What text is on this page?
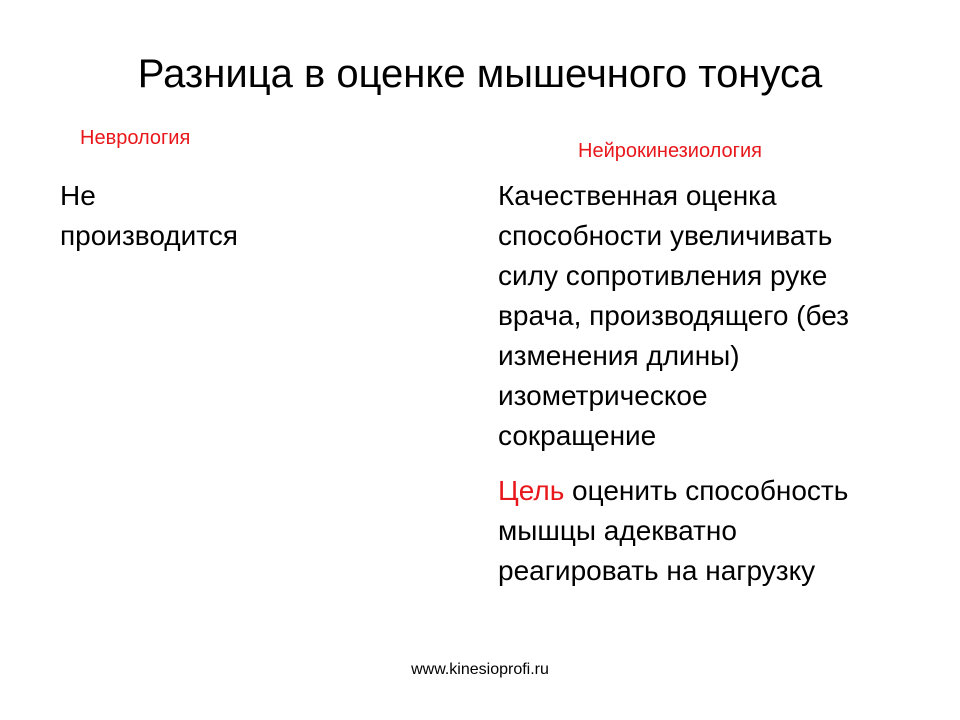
Разница в оценке мышечного тонуса
Неврология
Нейрокинезиология
Не
производится
Качественная оценка
способности увеличивать
силу сопротивления руке
врача, производящего (без
изменения длины)
изометрическое
сокращение
Цель оценить способность
мышцы адекватно
реагировать на нагрузку
www.kinesioprofi.ru
